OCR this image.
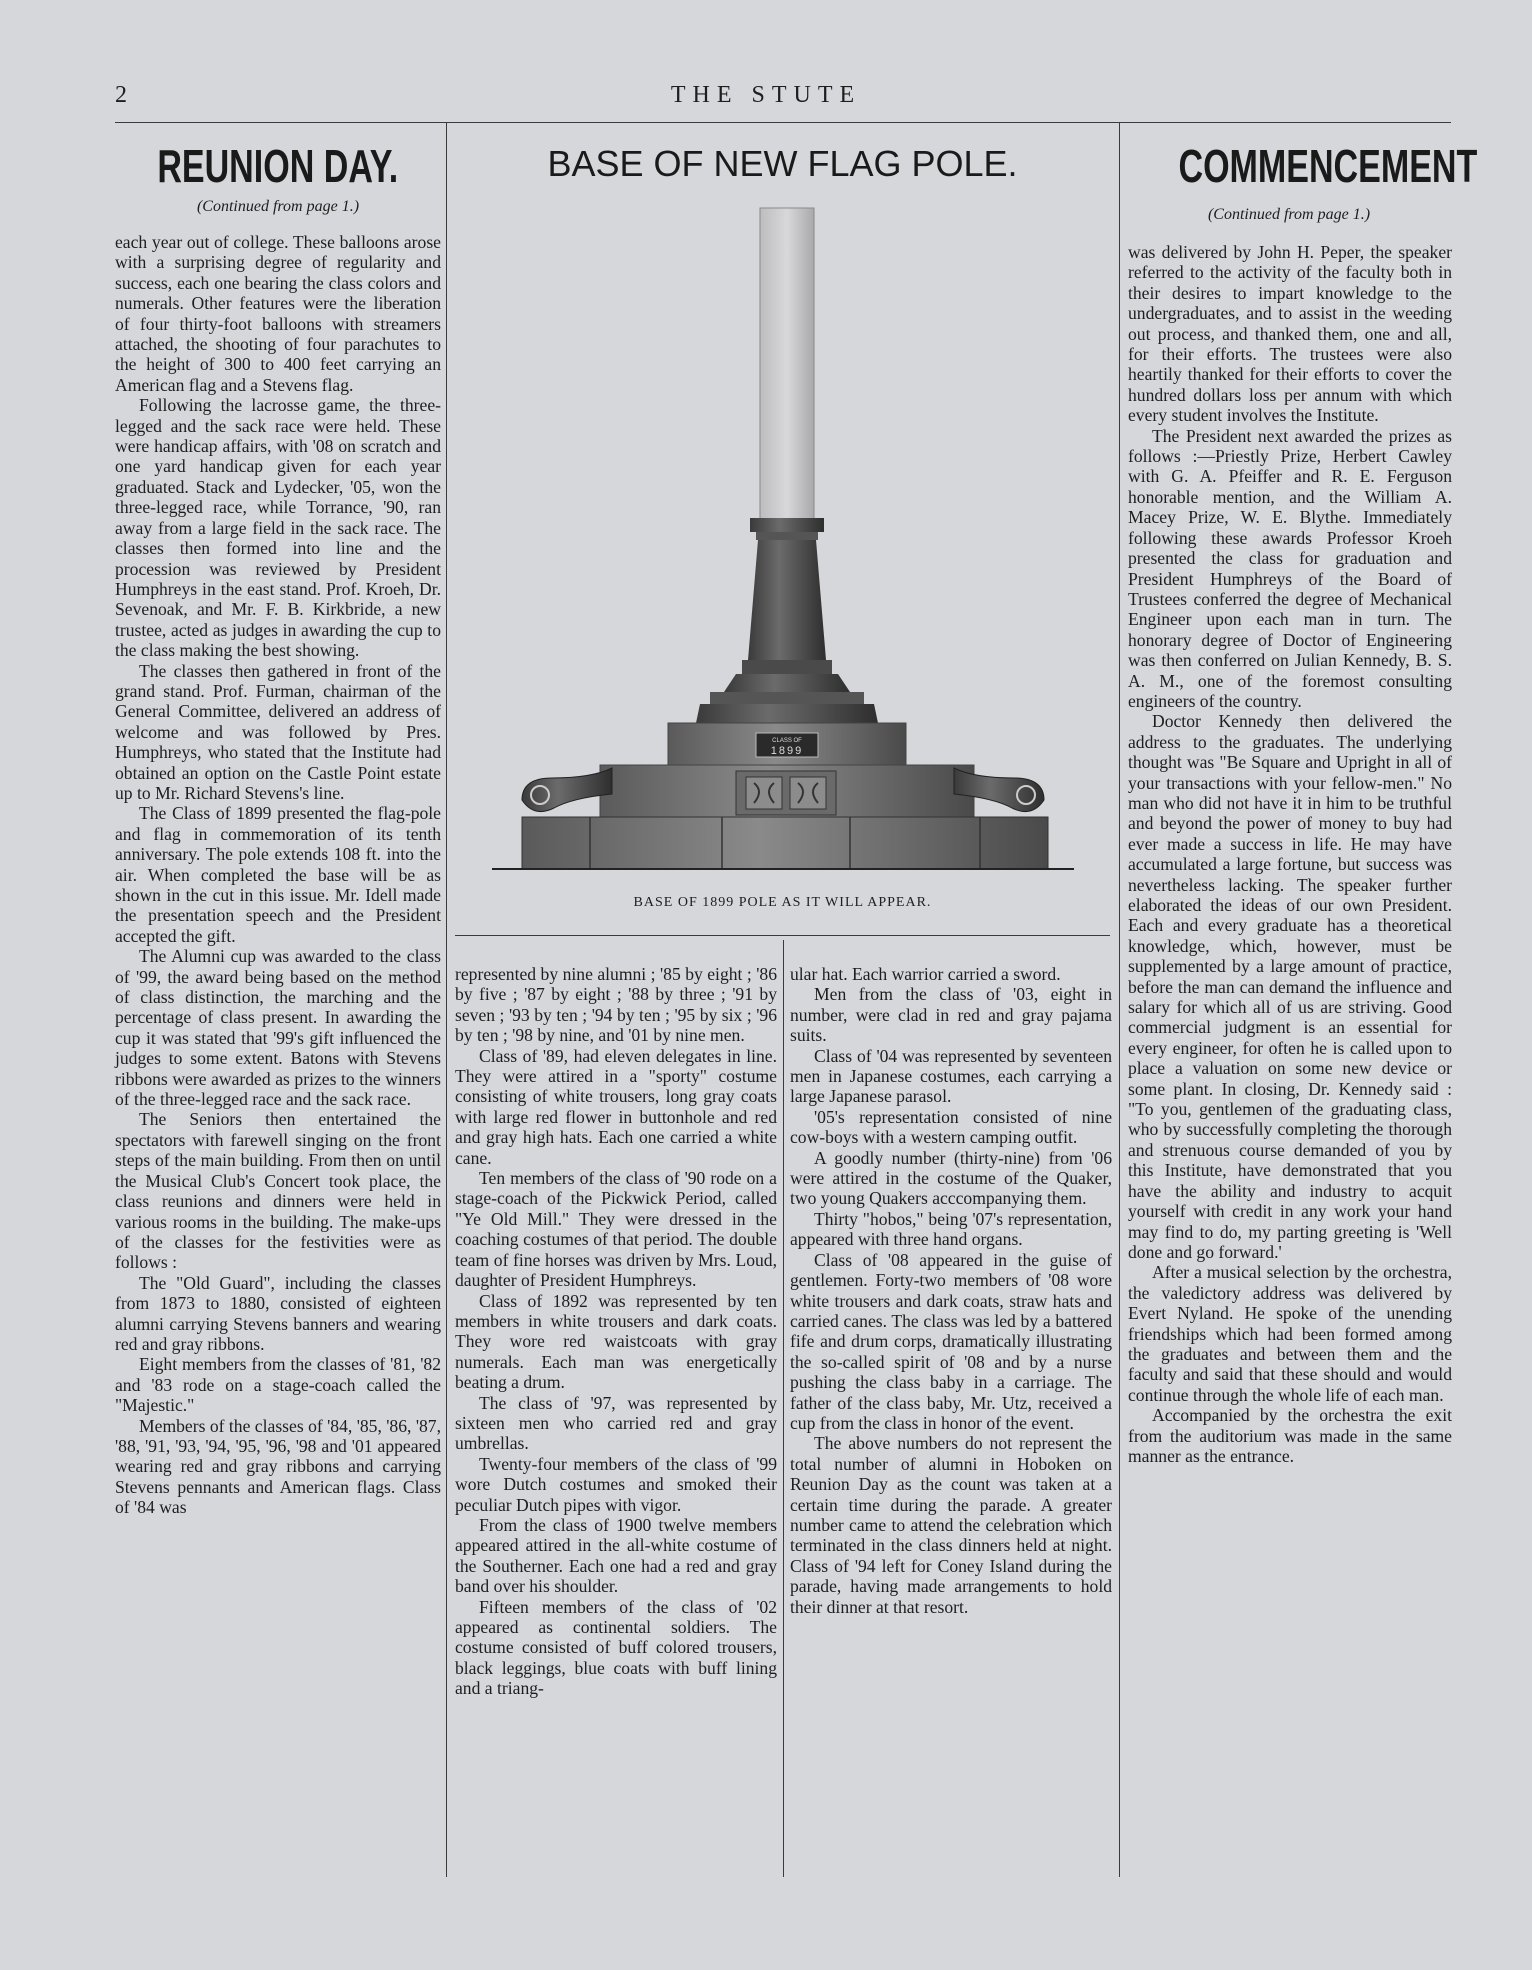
2	THE STUTE
REUNION DAY.
(Continued from page 1.)

each year out of college. These balloons arose with a surprising degree of regularity and success, each one bearing the class colors and numerals. Other features were the liberation of four thirty-foot balloons with streamers attached, the shooting of four parachutes to the height of 300 to 400 feet carrying an American flag and a Stevens flag.

Following the lacrosse game, the three-legged and the sack race were held. These were handicap affairs, with '08 on scratch and one yard handicap given for each year graduated. Stack and Lydecker, '05, won the three-legged race, while Torrance, '90, ran away from a large field in the sack race. The classes then formed into line and the procession was reviewed by President Humphreys in the east stand. Prof. Kroeh, Dr. Sevenoak, and Mr. F. B. Kirkbride, a new trustee, acted as judges in awarding the cup to the class making the best showing.

The classes then gathered in front of the grand stand. Prof. Furman, chairman of the General Committee, delivered an address of welcome and was followed by Pres. Humphreys, who stated that the Institute had obtained an option on the Castle Point estate up to Mr. Richard Stevens's line.

The Class of 1899 presented the flag-pole and flag in commemoration of its tenth anniversary. The pole extends 108 ft. into the air. When completed the base will be as shown in the cut in this issue. Mr. Idell made the presentation speech and the President accepted the gift.

The Alumni cup was awarded to the class of '99, the award being based on the method of class distinction, the marching and the percentage of class present. In awarding the cup it was stated that '99's gift influenced the judges to some extent. Batons with Stevens ribbons were awarded as prizes to the winners of the three-legged race and the sack race.

The Seniors then entertained the spectators with farewell singing on the front steps of the main building. From then on until the Musical Club's Concert took place, the class reunions and dinners were held in various rooms in the building. The make-ups of the classes for the festivities were as follows :

The "Old Guard", including the classes from 1873 to 1880, consisted of eighteen alumni carrying Stevens banners and wearing red and gray ribbons.

Eight members from the classes of '81, '82 and '83 rode on a stage-coach called the "Majestic."

Members of the classes of '84, '85, '86, '87, '88, '91, '93, '94, '95, '96, '98 and '01 appeared wearing red and gray ribbons and carrying Stevens pennants and American flags. Class of '84 was

BASE OF NEW FLAG POLE.
CLASS OF
1899
BASE OF 1899 POLE AS IT WILL APPEAR.

represented by nine alumni ; '85 by eight ; '86 by five ; '87 by eight ; '88 by three ; '91 by seven ; '93 by ten ; '94 by ten ; '95 by six ; '96 by ten ; '98 by nine, and '01 by nine men.

Class of '89, had eleven delegates in line. They were attired in a "sporty" costume consisting of white trousers, long gray coats with large red flower in buttonhole and red and gray high hats. Each one carried a white cane.

Ten members of the class of '90 rode on a stage-coach of the Pickwick Period, called "Ye Old Mill." They were dressed in the coaching costumes of that period. The double team of fine horses was driven by Mrs. Loud, daughter of President Humphreys.

Class of 1892 was represented by ten members in white trousers and dark coats. They wore red waistcoats with gray numerals. Each man was energetically beating a drum.

The class of '97, was represented by sixteen men who carried red and gray umbrellas.

Twenty-four members of the class of '99 wore Dutch costumes and smoked their peculiar Dutch pipes with vigor.

From the class of 1900 twelve members appeared attired in the all-white costume of the Southerner. Each one had a red and gray band over his shoulder.

Fifteen members of the class of '02 appeared as continental soldiers. The costume consisted of buff colored trousers, black leggings, blue coats with buff lining and a triang-

ular hat. Each warrior carried a sword.

Men from the class of '03, eight in number, were clad in red and gray pajama suits.

Class of '04 was represented by seventeen men in Japanese costumes, each carrying a large Japanese parasol.

'05's representation consisted of nine cow-boys with a western camping outfit.

A goodly number (thirty-nine) from '06 were attired in the costume of the Quaker, two young Quakers acccompanying them.

Thirty "hobos," being '07's representation, appeared with three hand organs.

Class of '08 appeared in the guise of gentlemen. Forty-two members of '08 wore white trousers and dark coats, straw hats and carried canes. The class was led by a battered fife and drum corps, dramatically illustrating the so-called spirit of '08 and by a nurse pushing the class baby in a carriage. The father of the class baby, Mr. Utz, received a cup from the class in honor of the event.

The above numbers do not represent the total number of alumni in Hoboken on Reunion Day as the count was taken at a certain time during the parade. A greater number came to attend the celebration which terminated in the class dinners held at night. Class of '94 left for Coney Island during the parade, having made arrangements to hold their dinner at that resort.

COMMENCEMENT
(Continued from page 1.)

was delivered by John H. Peper, the speaker referred to the activity of the faculty both in their desires to impart knowledge to the undergraduates, and to assist in the weeding out process, and thanked them, one and all, for their efforts. The trustees were also heartily thanked for their efforts to cover the hundred dollars loss per annum with which every student involves the Institute.

The President next awarded the prizes as follows :—Priestly Prize, Herbert Cawley with G. A. Pfeiffer and R. E. Ferguson honorable mention, and the William A. Macey Prize, W. E. Blythe. Immediately following these awards Professor Kroeh presented the class for graduation and President Humphreys of the Board of Trustees conferred the degree of Mechanical Engineer upon each man in turn. The honorary degree of Doctor of Engineering was then conferred on Julian Kennedy, B. S. A. M., one of the foremost consulting engineers of the country.

Doctor Kennedy then delivered the address to the graduates. The underlying thought was "Be Square and Upright in all of your transactions with your fellow-men." No man who did not have it in him to be truthful and beyond the power of money to buy had ever made a success in life. He may have accumulated a large fortune, but success was nevertheless lacking. The speaker further elaborated the ideas of our own President. Each and every graduate has a theoretical knowledge, which, however, must be supplemented by a large amount of practice, before the man can demand the influence and salary for which all of us are striving. Good commercial judgment is an essential for every engineer, for often he is called upon to place a valuation on some new device or some plant. In closing, Dr. Kennedy said : "To you, gentlemen of the graduating class, who by successfully completing the thorough and strenuous course demanded of you by this Institute, have demonstrated that you have the ability and industry to acquit yourself with credit in any work your hand may find to do, my parting greeting is 'Well done and go forward.'

After a musical selection by the orchestra, the valedictory address was delivered by Evert Nyland. He spoke of the unending friendships which had been formed among the graduates and between them and the faculty and said that these should and would continue through the whole life of each man.

Accompanied by the orchestra the exit from the auditorium was made in the same manner as the entrance.
